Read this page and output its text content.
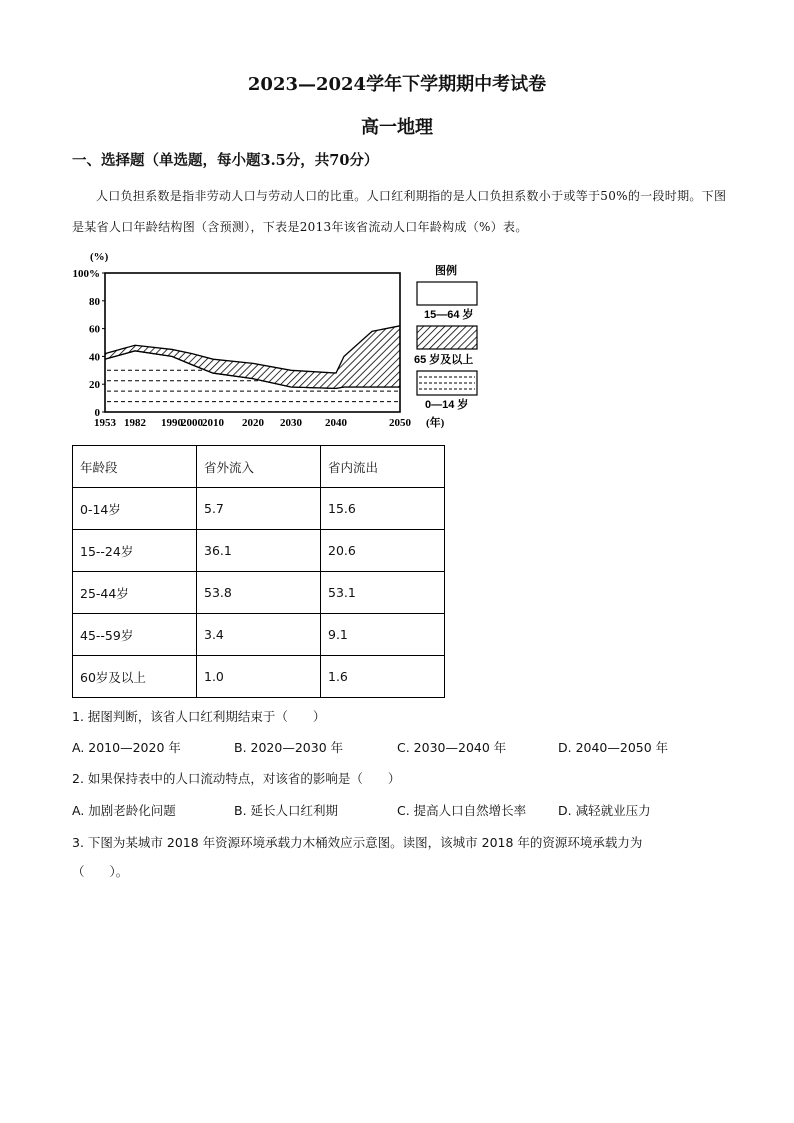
2023—2024学年下学期期中考试卷
高一地理
一、选择题（单选题，每小题3.5分，共70分）
人口负担系数是指非劳动人口与劳动人口的比重。人口红利期指的是人口负担系数小于或等于50%的一段时期。下图是某省人口年龄结构图（含预测），下表是2013年该省流动人口年龄构成（%）表。
100%
80
60
40
20
0
1953 1982 1990
2000 2010 2020 2030 2040	2050
(%)
(年)
图例
15—64 岁
65 岁及以上
0—14 岁
年龄段	省外流入	省内流出
0-14岁	5.7	15.6
15--24岁	36.1	20.6
25-44岁	53.8	53.1
45--59岁	3.4	9.1
60岁及以上	1.0	1.6
1. 据图判断，该省人口红利期结束于（　　）
A. 2010—2020 年	B. 2020—2030 年	C. 2030—2040 年	D. 2040—2050 年
2. 如果保持表中的人口流动特点，对该省的影响是（　　）
A. 加剧老龄化问题	B. 延长人口红利期	C. 提高人口自然增长率	D. 减轻就业压力
3. 下图为某城市 2018 年资源环境承载力木桶效应示意图。读图，该城市 2018 年的资源环境承载力为
（　　）。
